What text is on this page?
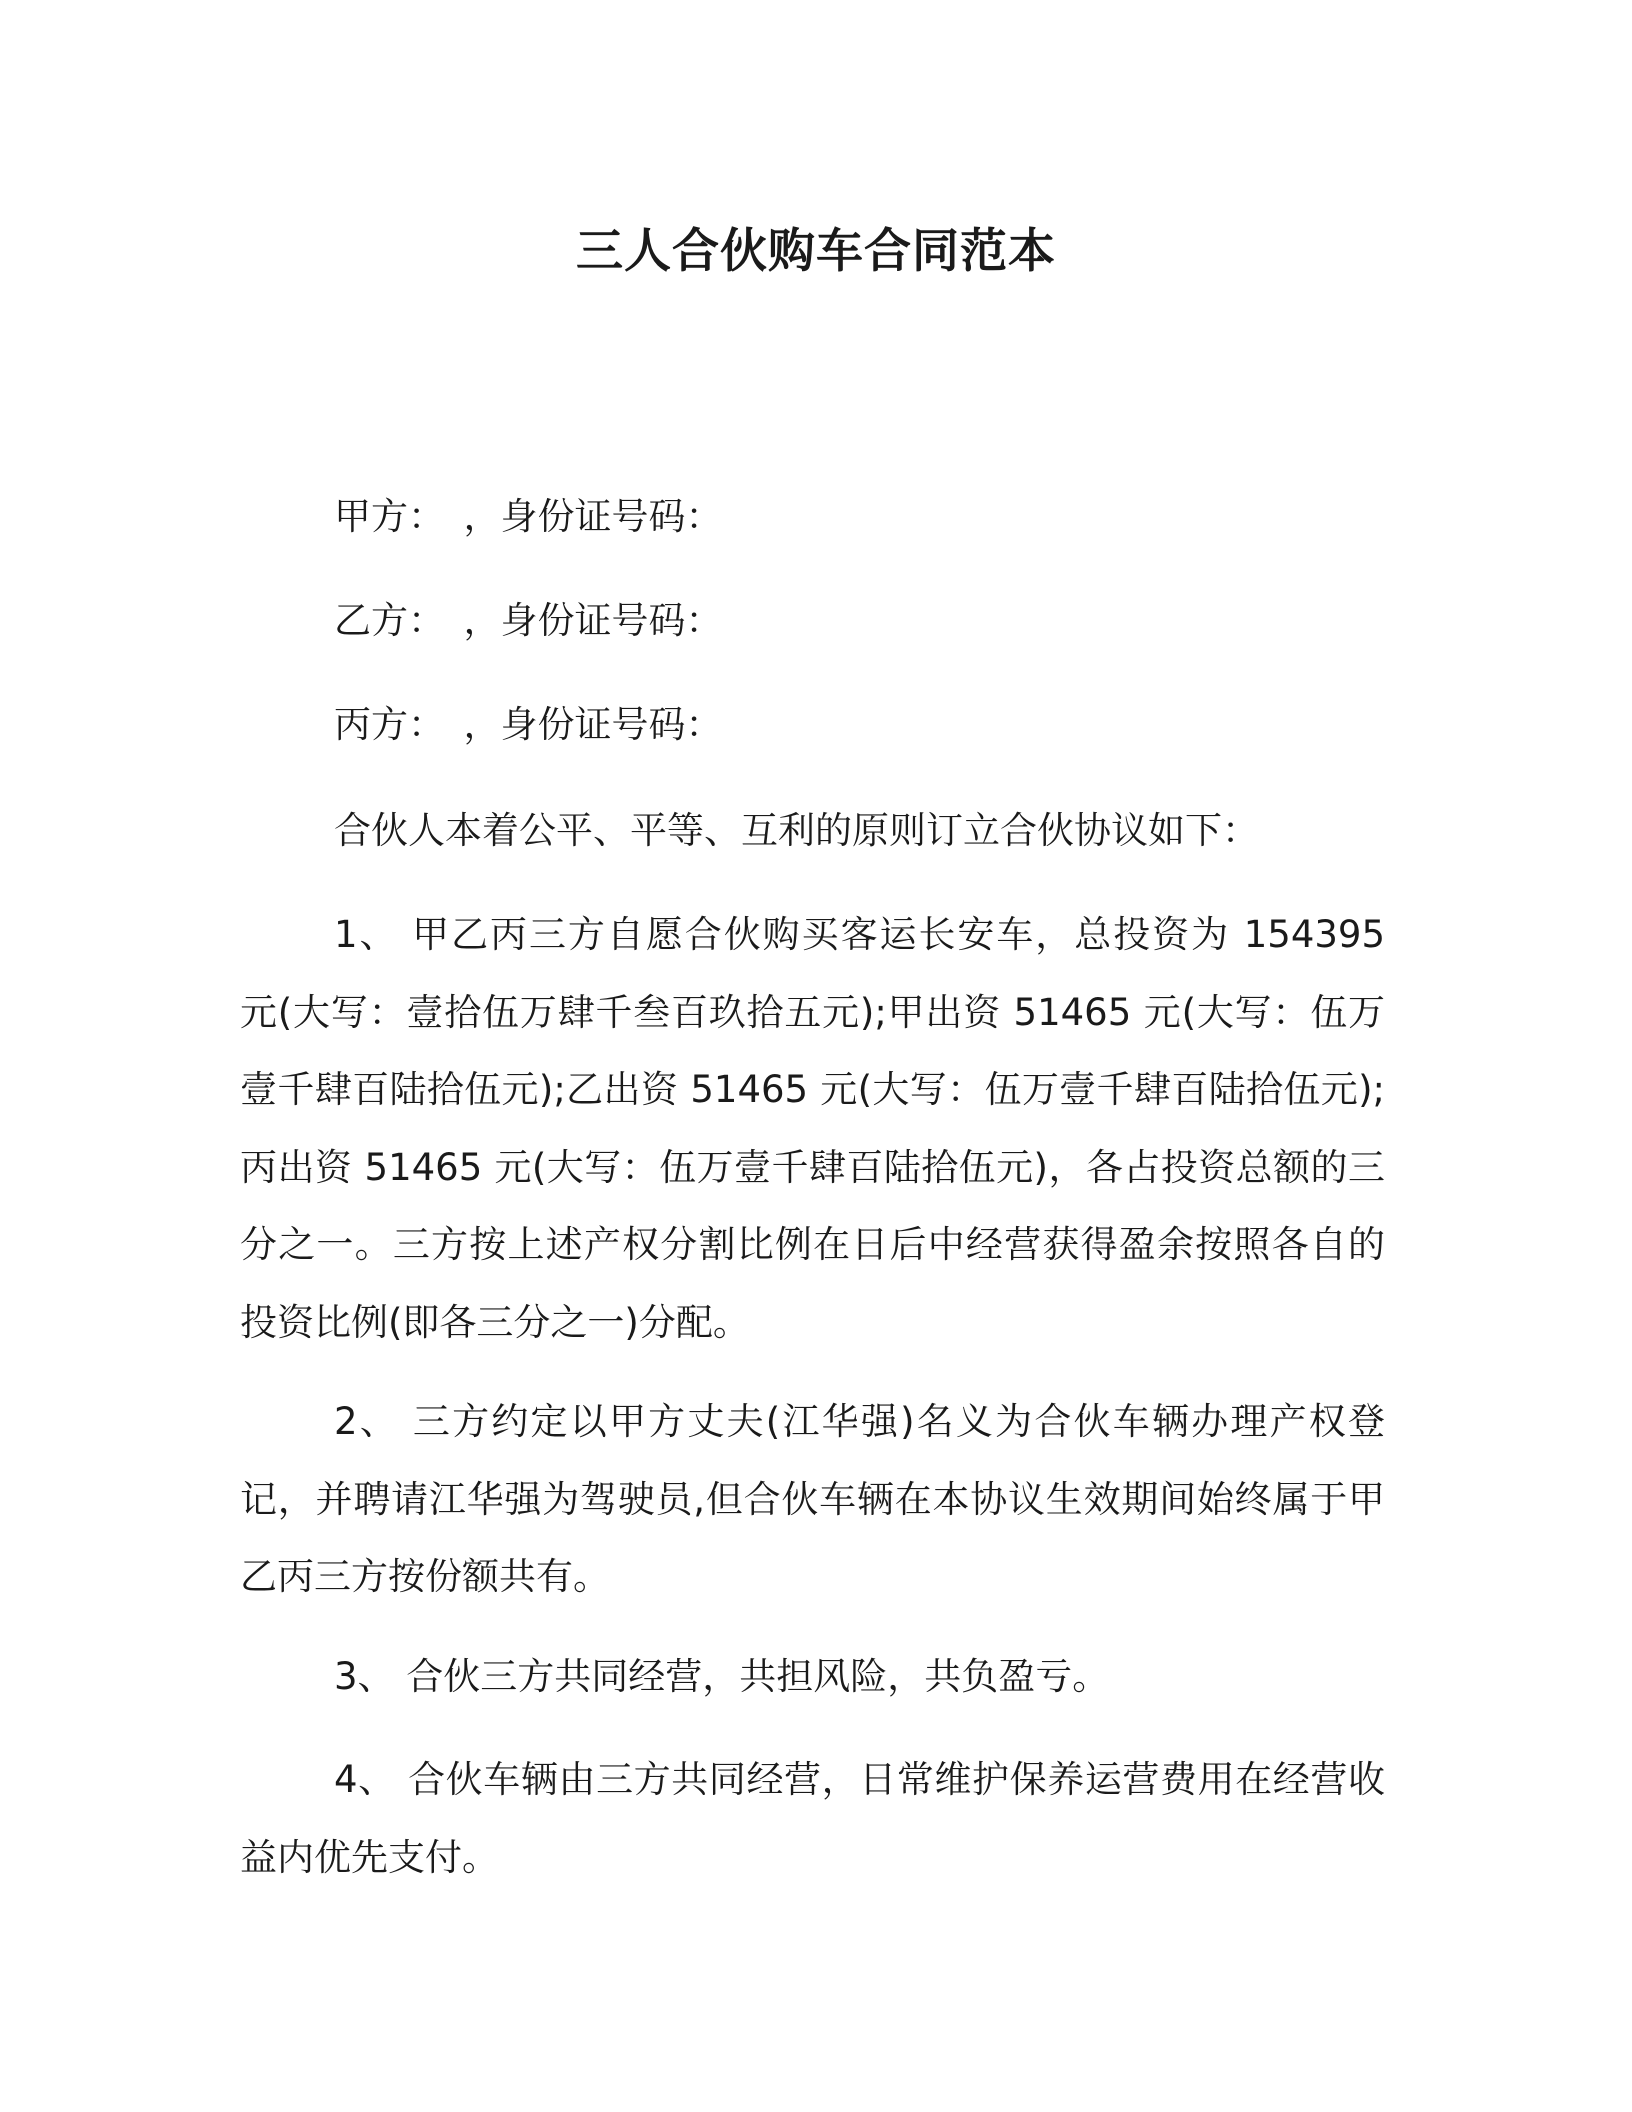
三人合伙购车合同范本
甲方：　，身份证号码：
乙方：　，身份证号码：
丙方：　，身份证号码：
合伙人本着公平、平等、互利的原则订立合伙协议如下：

1、 甲乙丙三方自愿合伙购买客运长安车，总投资为 154395 元(大写：壹拾伍万肆千叁百玖拾五元);甲出资 51465 元(大写：伍万壹千肆百陆拾伍元);乙出资 51465 元(大写：伍万壹千肆百陆拾伍元);丙出资 51465 元(大写：伍万壹千肆百陆拾伍元)，各占投资总额的三分之一。三方按上述产权分割比例在日后中经营获得盈余按照各自的投资比例(即各三分之一)分配。

2、 三方约定以甲方丈夫(江华强)名义为合伙车辆办理产权登记，并聘请江华强为驾驶员,但合伙车辆在本协议生效期间始终属于甲乙丙三方按份额共有。

3、 合伙三方共同经营，共担风险，共负盈亏。

4、 合伙车辆由三方共同经营，日常维护保养运营费用在经营收益内优先支付。
